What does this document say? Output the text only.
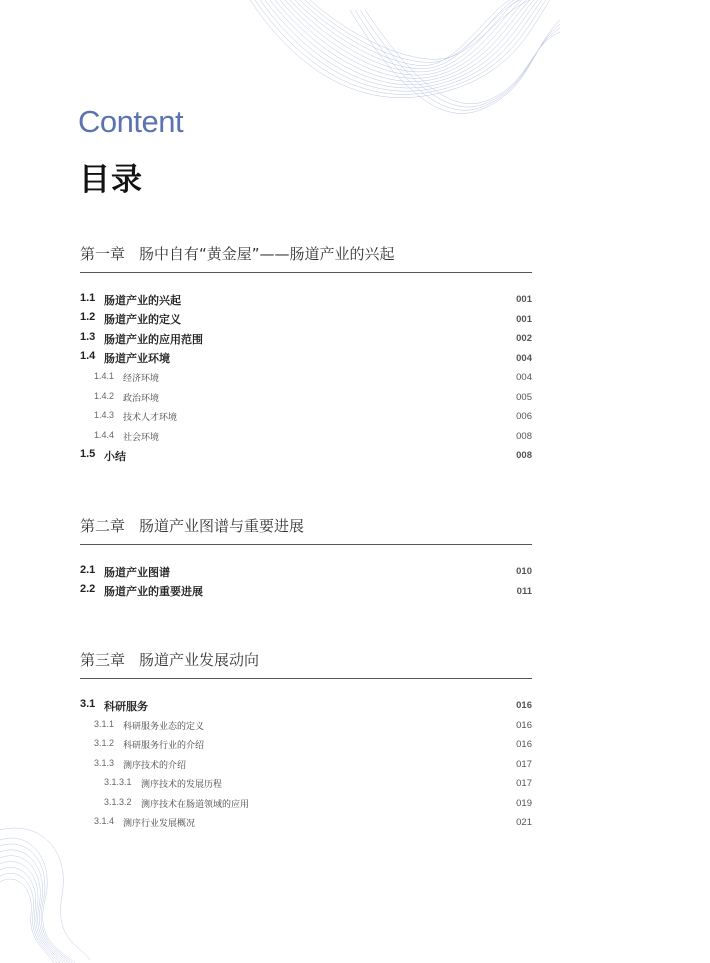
Content
目录
第一章 肠中自有“黄金屋”——肠道产业的兴起
1.1 肠道产业的兴起	001
1.2 肠道产业的定义	001
1.3 肠道产业的应用范围	002
1.4 肠道产业环境	004
1.4.1 经济环境	004
1.4.2 政治环境	005
1.4.3 技术人才环境	006
1.4.4 社会环境	008
1.5 小结	008
第二章 肠道产业图谱与重要进展
2.1 肠道产业图谱	010
2.2 肠道产业的重要进展	011
第三章 肠道产业发展动向
3.1 科研服务	016
3.1.1 科研服务业态的定义	016
3.1.2 科研服务行业的介绍	016
3.1.3 测序技术的介绍	017
3.1.3.1	测序技术的发展历程	017
3.1.3.2	测序技术在肠道领域的应用	019
3.1.4 测序行业发展概况	021
